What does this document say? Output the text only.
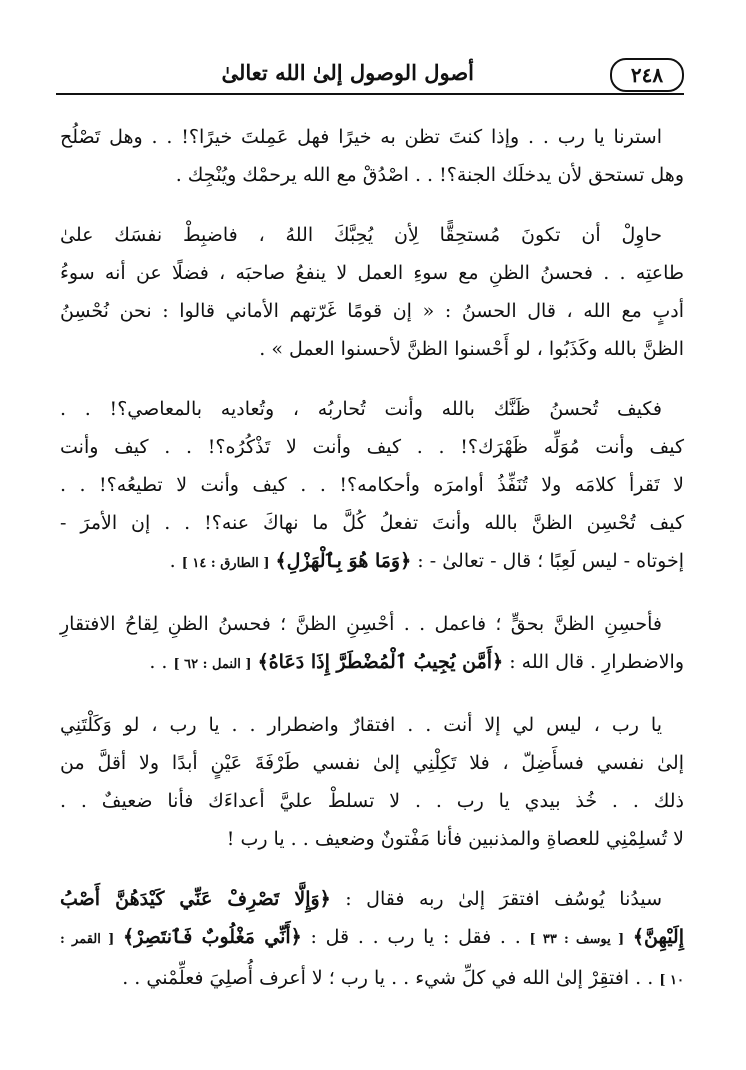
٢٤٨
أصول الوصول إلىٰ الله تعالىٰ

استرنا يا رب . . وإذا كنتَ تظن به خيرًا فهل عَمِلتَ خيرًا؟! . . وهل تَصْلُح
وهل تستحق لأن يدخلَك الجنة؟! . . اصْدُقْ مع الله يرحمْك ويُنْجِك .

حاوِلْ أن تكونَ مُستحِقًّا لِأن يُحِبَّكَ اللهُ ، فاضبِطْ نفسَك علىٰ
طاعتِه . . فحسنُ الظنِ مع سوءِ العمل لا ينفعُ صاحبَه ، فضلًا عن أنه سوءُ
أدبٍ مع الله ، قال الحسنُ : « إن قومًا غَرّتهم الأماني قالوا : نحن نُحْسِنُ
الظنَّ بالله وكَذَبُوا ، لو أَحْسنوا الظنَّ لأحسنوا العمل » .

فكيف تُحسنُ ظَنَّك بالله وأنت تُحاربُه ، وتُعاديه بالمعاصي؟! . .
كيف وأنت مُوَلِّه ظَهْرَك؟! . . كيف وأنت لا تَذْكُرُه؟! . . كيف وأنت
لا تَقرأ كلامَه ولا تُنَفِّذُ أوامرَه وأحكامه؟! . . كيف وأنت لا تطيعُه؟! . .
كيف تُحْسِن الظنَّ بالله وأنتَ تفعلُ كُلَّ ما نهاكَ عنه؟! . . إن الأمرَ -
إخوتاه - ليس لَعِبًا ؛ قال - تعالىٰ - : ﴿وَمَا هُوَ بِٱلْهَزْلِ﴾ [ الطارق : ١٤ ] .

فأحسِنِ الظنَّ بحقٍّ ؛ فاعمل . . أحْسِنِ الظنَّ ؛ فحسنُ الظنِ لِقاحُ الافتقارِ
والاضطرارِ . قال الله : ﴿أَمَّن يُجِيبُ ٱلْمُضْطَرَّ إِذَا دَعَاهُ﴾ [ النمل : ٦٢ ] . .

يا رب ، ليس لي إلا أنت . . افتقارٌ واضطرار . . يا رب ، لو وَكَلْتَنِي
إلىٰ نفسي فسأَضِلّ ، فلا تَكِلْنِي إلىٰ نفسي طَرْفَةَ عَيْنٍ أبدًا ولا أقلَّ من
ذلك . . خُذ بيدي يا رب . . لا تسلطْ عليَّ أعداءَك فأنا ضعيفٌ . .
لا تُسلِمْنِي للعصاةِ والمذنبين فأنا مَفْتونٌ وضعيف . . يا رب !

سيدُنا يُوسُف افتقرَ إلىٰ ربه فقال : ﴿وَإِلَّا تَصْرِفْ عَنِّي كَيْدَهُنَّ أَصْبُ
إِلَيْهِنَّ﴾ [ يوسف : ٣٣ ] . . فقل : يا رب . . قل : ﴿أَنِّي مَغْلُوبٌ فَٱنتَصِرْ﴾ [ القمر :
١٠ ] . . افتقِرْ إلىٰ الله في كلِّ شيء . . يا رب ؛ لا أعرف أُصلِيَ فعلِّمْني . .
